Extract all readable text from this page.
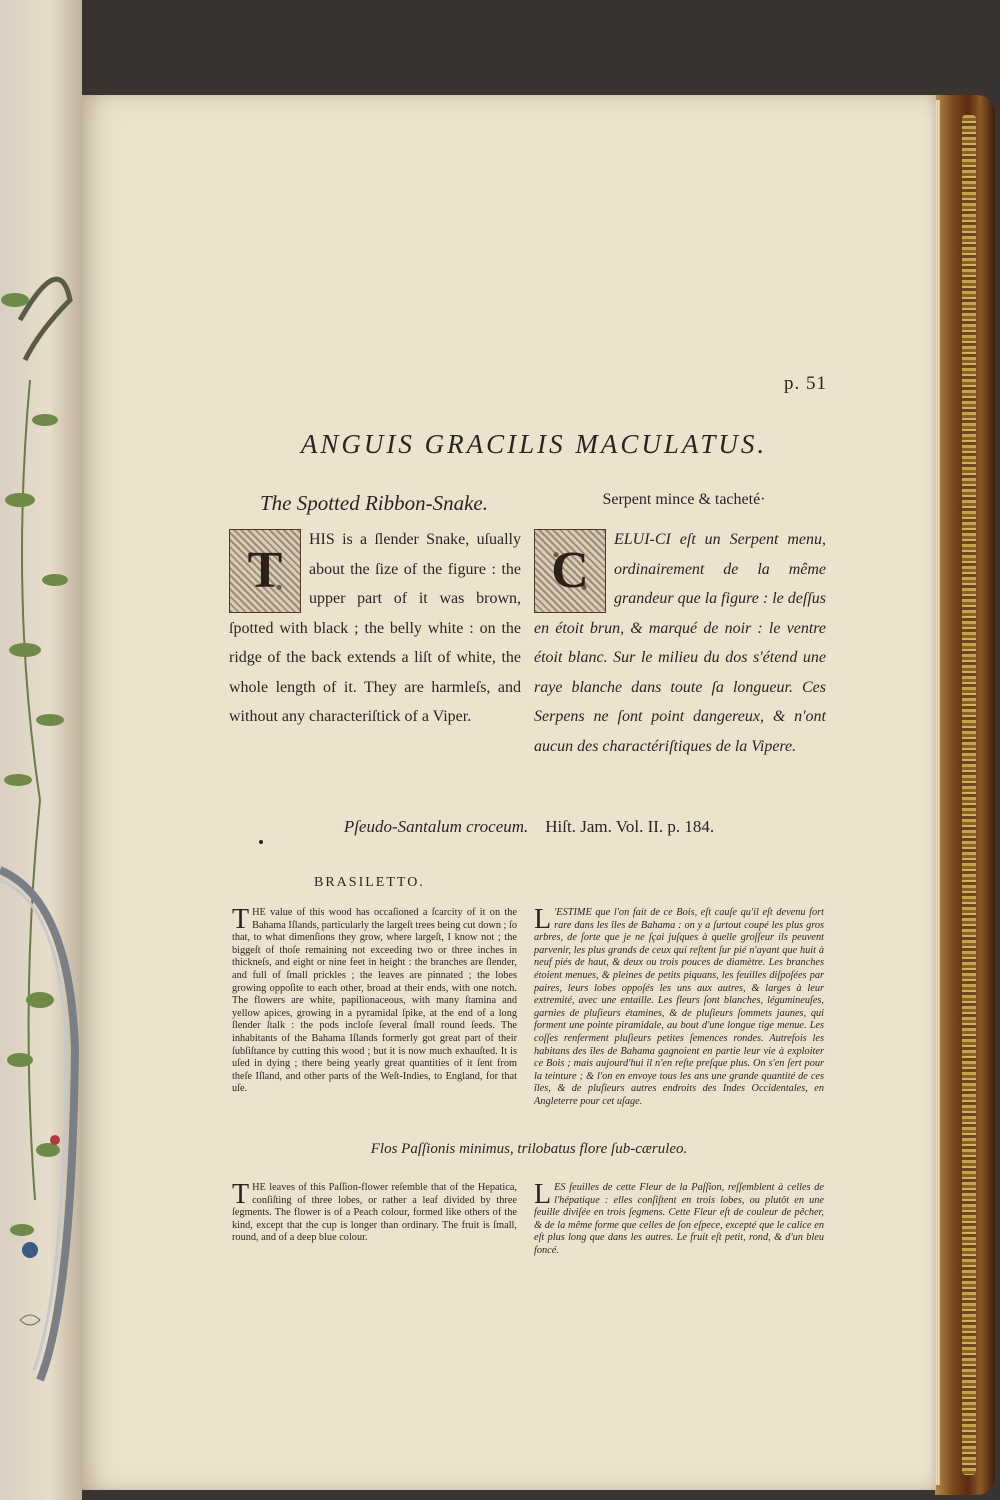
p. 51
ANGUIS GRACILIS MACULATUS.
The Spotted Ribbon-Snake.	Serpent mince & tacheté·
T
HIS is a ſlender Snake, uſually about the ſize of the figure : the upper part of it was brown, ſpotted with black ; the belly white : on the ridge of the back extends a liſt of white, the whole length of it. They are harmleſs, and without any characteriſtick of a Viper.
C
ELUI-CI eſt un Serpent menu, ordinairement de la même grandeur que la figure : le deſſus en étoit brun, & marqué de noir : le ventre étoit blanc. Sur le milieu du dos s'étend une raye blanche dans toute ſa longueur. Ces Serpens ne ſont point dangereux, & n'ont aucun des charactériſtiques de la Vipere.
Pſeudo-Santalum croceum. Hiſt. Jam. Vol. II. p. 184.
BRASILETTO.
T HE value of this wood has occaſioned a ſcarcity of it on the Bahama Iſlands, particularly the largeſt trees being cut down ; ſo that, to what dimenſions they grow, where largeſt, I know not ; the biggeſt of thoſe remaining not exceeding two or three inches in thickneſs, and eight or nine feet in height : the branches are ſlender, and full of ſmall prickles ; the leaves are pinnated ; the lobes growing oppoſite to each other, broad at their ends, with one notch. The flowers are white, papilionaceous, with many ſtamina and yellow apices, growing in a pyramidal ſpike, at the end of a long ſlender ſtalk : the pods incloſe ſeveral ſmall round ſeeds. The inhabitants of the Bahama Iſlands formerly got great part of their ſubſiſtance by cutting this wood ; but it is now much exhauſted. It is uſed in dying ; there being yearly great quantities of it ſent from theſe Iſland, and other parts of the Weſt-Indies, to England, for that uſe.
L 'ESTIME que l'on fait de ce Bois, eſt cauſe qu'il eſt devenu fort rare dans les îles de Bahama : on y a ſurtout coupé les plus gros arbres, de ſorte que je ne ſçai juſques à quelle groſſeur ils peuvent parvenir, les plus grands de ceux qui reſtent ſur pié n'ayant que huit à neuf piés de haut, & deux ou trois pouces de diamètre. Les branches étoient menues, & pleines de petits piquans, les feuilles diſpoſées par paires, leurs lobes oppoſés les uns aux autres, & larges à leur extremité, avec une entaille. Les fleurs ſont blanches, légumineuſes, garnies de pluſieurs étamines, & de pluſieurs ſommets jaunes, qui forment une pointe piramidale, au bout d'une longue tige menue. Les coſſes renferment pluſieurs petites ſemences rondes. Autrefois les habitans des îles de Bahama gagnoient en partie leur vie à exploiter ce Bois ; mais aujourd'hui il n'en reſte preſque plus. On s'en ſert pour la teinture ; & l'on en envoye tous les ans une grande quantité de ces îles, & de pluſieurs autres endroits des Indes Occidentales, en Angleterre pour cet uſage.
Flos Paſſionis minimus, trilobatus flore ſub-cæruleo.
T HE leaves of this Paſſion-flower reſemble that of the Hepatica, conſiſting of three lobes, or rather a leaf divided by three ſegments. The flower is of a Peach colour, formed like others of the kind, except that the cup is longer than ordinary. The fruit is ſmall, round, and of a deep blue colour.
L ES feuilles de cette Fleur de la Paſſion, reſſemblent à celles de l'hépatique : elles conſiſtent en trois lobes, ou plutôt en une feuille diviſée en trois ſegmens. Cette Fleur eſt de couleur de pêcher, & de la même forme que celles de ſon eſpece, excepté que le calice en eſt plus long que dans les autres. Le fruit eſt petit, rond, & d'un bleu foncé.
